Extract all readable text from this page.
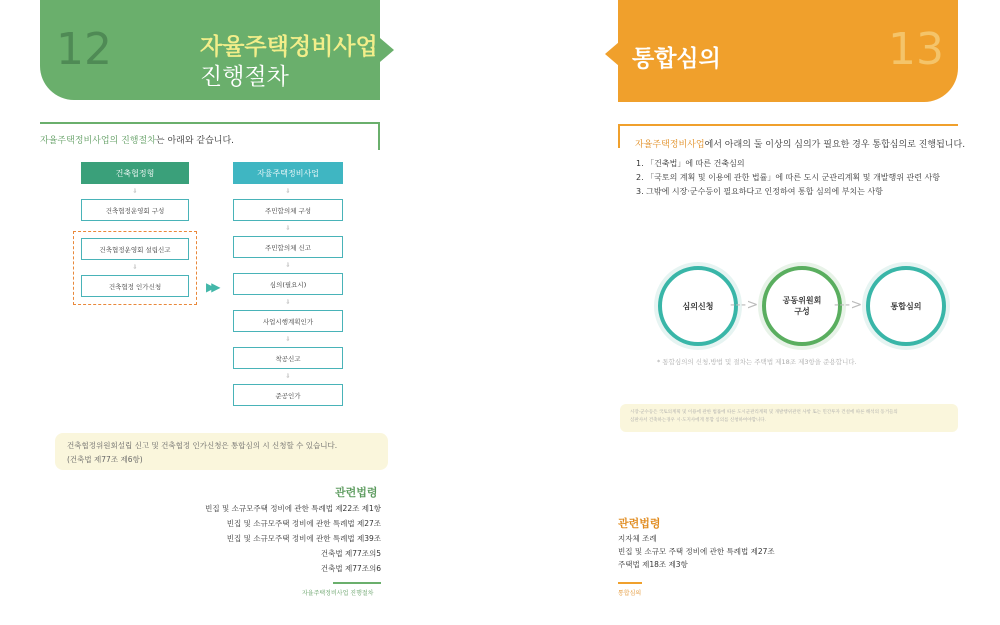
12	자율주택정비사업
진행절차
자율주택정비사업의 진행절차는 아래와 같습니다.
건축협정형
⇩
건축협정운영회 구성
건축협정운영회 설립신고
⇩
건축협정 인가신청	▶▶
자율주택정비사업
⇩
주민합의체 구성
⇩
주민합의체 신고
⇩
심의(필요시)
⇩
사업시행계획인가
⇩
착공신고
⇩
준공인가
건축협정위원회설립 신고 및 건축협정 인가신청은 통합심의 시 신청할 수 있습니다.
(건축법 제77조 제6항)
관련법령
빈집 및 소규모주택 정비에 관한 특례법 제22조 제1항
빈집 및 소규모주택 정비에 관한 특례법 제27조
빈집 및 소규모주택 정비에 관한 특례법 제39조
건축법 제77조의5
건축법 제77조의6
자율주택정비사업 진행절차
통합심의	13
자율주택정비사업에서 아래의 둘 이상의 심의가 필요한 경우 통합심의로 진행됩니다.
1. 「건축법」에 따른 건축심의
2. 「국토의 계획 및 이용에 관한 법률」에 따른 도시 군관리계획 및 개발행위 관련 사항
3. 그밖에 시장·군수등이 필요하다고 인정하여 통합 심의에 부치는 사항
심의신청 - - - >	공동위원회
구성	- - - >	통합심의
* 통합심의의 신청,방법 및 절차는 주택법 제18조 제3항을 준용합니다.
시장·군수등은 국토의계획 및 이용에 관한 법률에 따른 도시군관리계획 및 개발행위관련 사항 또는 민간투자 건설에 따른 해석의 동거들의
심판사서 건축하는경우 시·도지사에게 통합 심의를 신청하여야합니다.
관련법령
지자체 조례
빈집 및 소규모 주택 정비에 관한 특례법 제27조
주택법 제18조 제3항
통합심의
